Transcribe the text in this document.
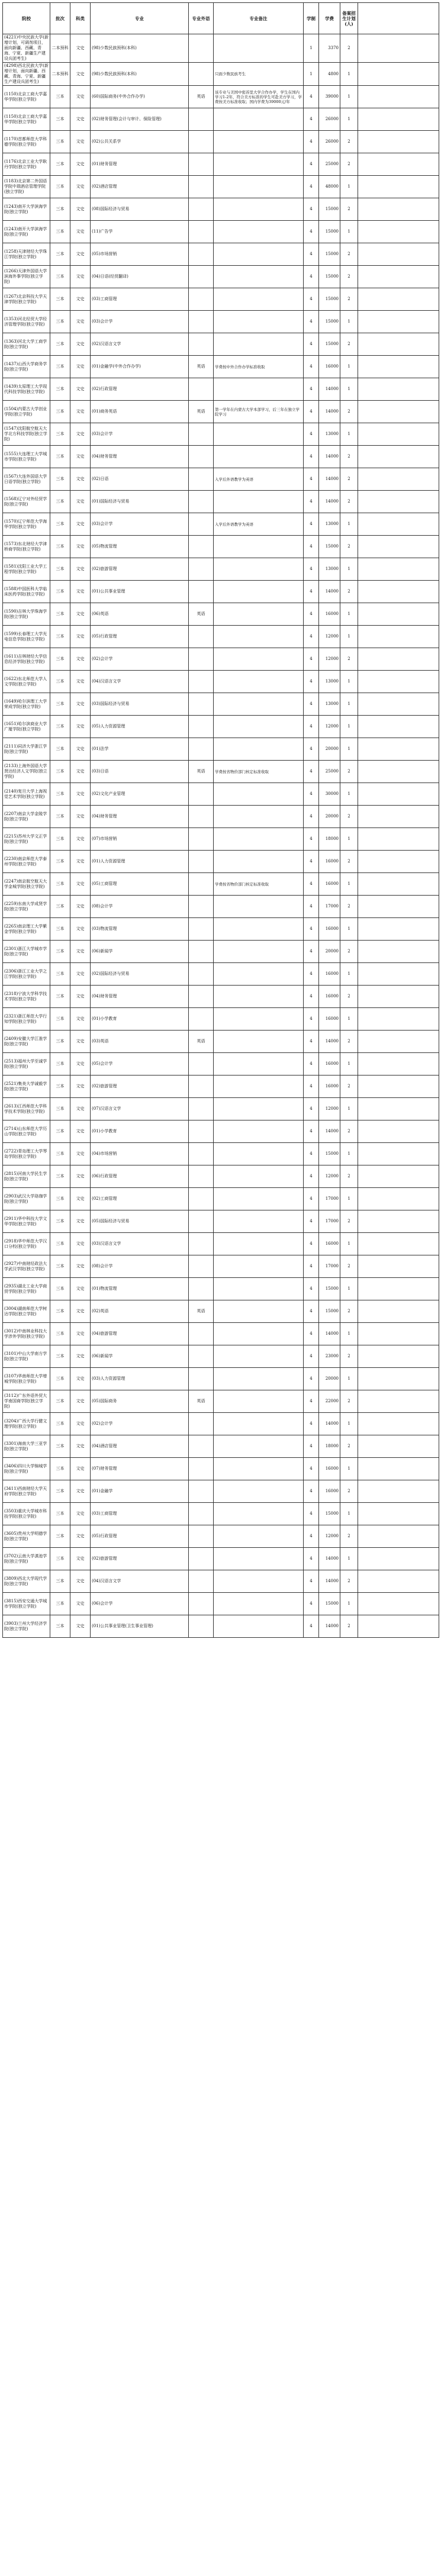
院校	批次	科类	专业	专业外语	专业备注	学制	学费	备案招生计划(人)	
(4221)中央民族大学(新增计划，可调剂项目，面向新疆、西藏、青海、宁夏、新疆生产建设兵团考生)	二本预科	文史	(98)少数民族预科(本科)			1	3370	2	
(4298)西北民族大学(新增计划，面向新疆、西藏、青海、宁夏、新疆生产建设兵团考生)	二本预科	文史	(98)少数民族预科(本科)		只面少数民族考生	1	4800	1	
(1150)北京工商大学嘉华学院(独立学院)	三本	文史	(60)国际商务(中外合作办学)	英语	该专业与美国中密苏里大学合作办学，学生在国内学习1-2年，符合美方标准的学生可赴美方学习，学费按美方标准收取；国内学费为39000元/年	4	39000	1	
(1150)北京工商大学嘉华学院(独立学院)	三本	文史	(02)财务管理(会计与审计、保险管理)			4	26000	1	
(1170)首都师范大学科德学院(独立学院)	三本	文史	(02)公共关系学			4	26000	2	
(1176)北京工业大学耿丹学院(独立学院)	三本	文史	(01)财务管理			4	25000	2	
(1183)北京第二外国语学院中瑞酒店管理学院(独立学院)	三本	文史	(02)酒店管理			4	48000	1	
(1243)南开大学滨海学院(独立学院)	三本	文史	(08)国际经济与贸易			4	15000	2	
(1243)南开大学滨海学院(独立学院)	三本	文史	(11)广告学			4	15000	1	
(1258)天津财经大学珠江学院(独立学院)	三本	文史	(05)市场营销			4	15000	2	
(1266)天津外国语大学滨海外事学院(独立学院)	三本	文史	(04)日语(经贸翻译)			4	15000	2	
(1267)北京科技大学天津学院(独立学院)	三本	文史	(03)工商管理			4	15000	2	
(1353)河北经贸大学经济管理学院(独立学院)	三本	文史	(03)会计学			4	15000	1	
(1363)河北大学工商学院(独立学院)	三本	文史	(02)汉语言文学			4	15000	2	
(1437)山西大学商务学院(独立学院)	三本	文史	(01)金融学(中外合作办学)	英语	学费按中外合作办学标准收取	4	16000	1	
(1439)太原理工大学现代科技学院(独立学院)	三本	文史	(02)行政管理			4	14000	1	
(1504)内蒙古大学创业学院(独立学院)	三本	文史	(01)商务英语	英语	第一学年在内蒙古大学本部学习，后三年在独立学院学习	4	14000	2	
(1547)沈阳航空航天大学北方科技学院(独立学院)	三本	文史	(03)会计学			4	13000	1	
(1555)大连理工大学城市学院(独立学院)	三本	文史	(04)财务管理			4	14000	2	
(1567)大连外国语大学日语学院(独立学院)	三本	文史	(02)日语		入学后外语教学为英语	4	14000	2	
(1568)辽宁对外经贸学院(独立学院)	三本	文史	(01)国际经济与贸易			4	14000	2	
(1570)辽宁师范大学海华学院(独立学院)	三本	文史	(03)会计学		入学后外语教学为英语	4	13000	1	
(1573)东北财经大学津桥商学院(独立学院)	三本	文史	(05)物流管理			4	15000	2	
(1581)沈阳工业大学工程学院(独立学院)	三本	文史	(02)旅游管理			4	13000	1	
(1588)中国医科大学临床医药学院(独立学院)	三本	文史	(01)公共事业管理			4	14000	2	
(1590)吉林大学珠海学院(独立学院)	三本	文史	(06)英语	英语		4	16000	1	
(1599)长春理工大学光电信息学院(独立学院)	三本	文史	(05)行政管理			4	12000	1	
(1611)吉林财经大学信息经济学院(独立学院)	三本	文史	(02)会计学			4	12000	2	
(1622)东北师范大学人文学院(独立学院)	三本	文史	(04)汉语言文学			4	13000	1	
(1649)哈尔滨理工大学荣成学院(独立学院)	三本	文史	(03)国际经济与贸易			4	13000	1	
(1651)哈尔滨商业大学广厦学院(独立学院)	三本	文史	(05)人力资源管理			4	12000	1	
(2111)同济大学浙江学院(独立学院)	三本	文史	(01)法学			4	20000	1	
(2133)上海外国语大学贤达经济人文学院(独立学院)	三本	文史	(03)日语	英语	学费按省物价部门核定标准收取	4	25000	2	
(2140)复旦大学上海视觉艺术学院(独立学院)	三本	文史	(02)文化产业管理			4	30000	1	
(2207)南京大学金陵学院(独立学院)	三本	文史	(04)财务管理			4	20000	2	
(2215)苏州大学文正学院(独立学院)	三本	文史	(07)市场营销			4	18000	1	
(2230)南京师范大学泰州学院(独立学院)	三本	文史	(01)人力资源管理			4	16000	2	
(2247)南京航空航天大学金城学院(独立学院)	三本	文史	(05)工商管理		学费按省物价部门核定标准收取	4	16000	1	
(2259)东南大学成贤学院(独立学院)	三本	文史	(08)会计学			4	17000	2	
(2265)南京理工大学紫金学院(独立学院)	三本	文史	(03)物流管理			4	16000	1	
(2301)浙江大学城市学院(独立学院)	三本	文史	(06)新闻学			4	20000	2	
(2306)浙江工业大学之江学院(独立学院)	三本	文史	(02)国际经济与贸易			4	16000	1	
(2318)宁波大学科学技术学院(独立学院)	三本	文史	(04)财务管理			4	16000	2	
(2321)浙江师范大学行知学院(独立学院)	三本	文史	(01)小学教育			4	16000	1	
(2409)安徽大学江淮学院(独立学院)	三本	文史	(03)英语	英语		4	14000	2	
(2513)福州大学至诚学院(独立学院)	三本	文史	(05)会计学			4	16000	1	
(2521)集美大学诚毅学院(独立学院)	三本	文史	(02)旅游管理			4	16000	2	
(2613)江西师范大学科学技术学院(独立学院)	三本	文史	(07)汉语言文学			4	12000	1	
(2714)山东师范大学历山学院(独立学院)	三本	文史	(01)小学教育			4	14000	2	
(2722)青岛理工大学琴岛学院(独立学院)	三本	文史	(04)市场营销			4	15000	1	
(2815)河南大学民生学院(独立学院)	三本	文史	(06)行政管理			4	12000	2	
(2903)武汉大学珞珈学院(独立学院)	三本	文史	(02)工商管理			4	17000	1	
(2911)华中科技大学文华学院(独立学院)	三本	文史	(05)国际经济与贸易			4	17000	2	
(2918)华中师范大学汉口分校(独立学院)	三本	文史	(03)汉语言文学			4	16000	1	
(2927)中南财经政法大学武汉学院(独立学院)	三本	文史	(08)会计学			4	17000	2	
(2935)湖北工业大学商贸学院(独立学院)	三本	文史	(01)物流管理			4	15000	1	
(3004)湖南师范大学树达学院(独立学院)	三本	文史	(02)英语	英语		4	15000	2	
(3012)中南林业科技大学涉外学院(独立学院)	三本	文史	(04)旅游管理			4	14000	1	
(3101)中山大学南方学院(独立学院)	三本	文史	(06)新闻学			4	23000	2	
(3107)华南师范大学增城学院(独立学院)	三本	文史	(03)人力资源管理			4	20000	1	
(3112)广东外语外贸大学南国商学院(独立学院)	三本	文史	(05)国际商务	英语		4	22000	2	
(3204)广西大学行健文理学院(独立学院)	三本	文史	(02)会计学			4	14000	1	
(3301)海南大学三亚学院(独立学院)	三本	文史	(04)酒店管理			4	18000	2	
(3406)四川大学锦城学院(独立学院)	三本	文史	(07)财务管理			4	16000	1	
(3411)西南财经大学天府学院(独立学院)	三本	文史	(01)金融学			4	16000	2	
(3503)重庆大学城市科技学院(独立学院)	三本	文史	(03)工商管理			4	15000	1	
(3605)贵州大学明德学院(独立学院)	三本	文史	(05)行政管理			4	12000	2	
(3702)云南大学滇池学院(独立学院)	三本	文史	(02)旅游管理			4	14000	1	
(3809)西北大学现代学院(独立学院)	三本	文史	(04)汉语言文学			4	14000	2	
(3815)西安交通大学城市学院(独立学院)	三本	文史	(06)会计学			4	15000	1	
(3903)兰州大学经济学院(独立学院)	三本	文史	(01)公共事业管理(卫生事业管理)			4	14000	2	
